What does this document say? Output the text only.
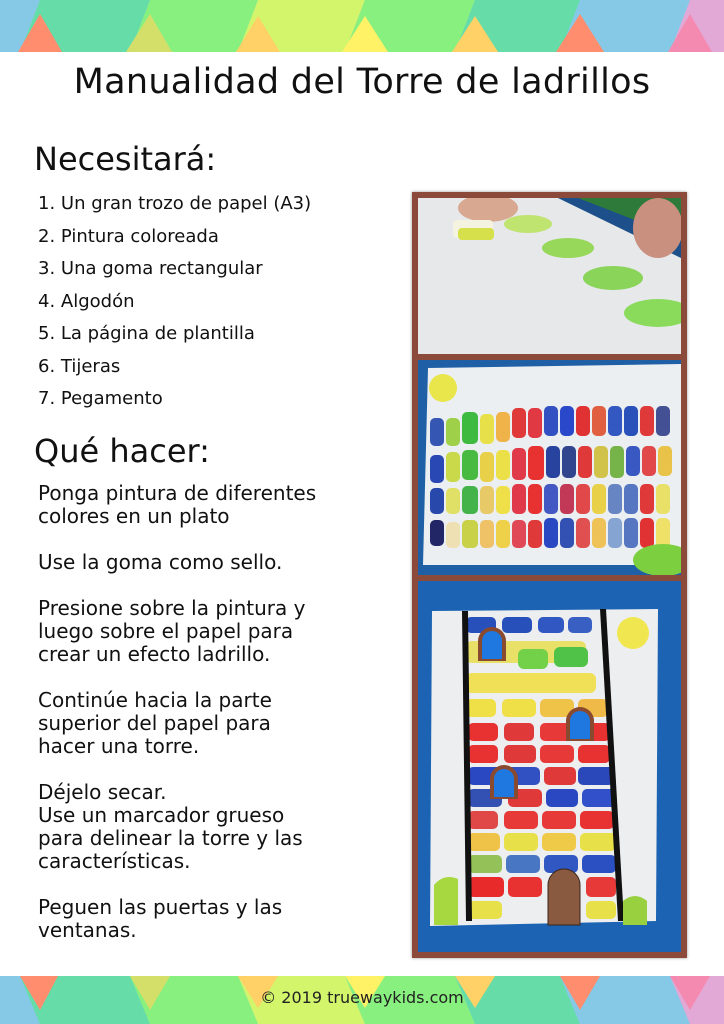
Manualidad del Torre de ladrillos
Necesitará:
1. Un gran trozo de papel (A3)
2. Pintura coloreada
3. Una goma rectangular
4. Algodón
5. La página de plantilla
6. Tijeras
7. Pegamento
Qué hacer:
Ponga pintura de diferentes
colores en un plato
Use la goma como sello.
Presione sobre la pintura y
luego sobre el papel para
crear un efecto ladrillo.
Continúe hacia la parte
superior del papel para
hacer una torre.
Déjelo secar.
Use un marcador grueso
para delinear la torre y las
características.
Peguen las puertas y las
ventanas.
© 2019 truewaykids.com
